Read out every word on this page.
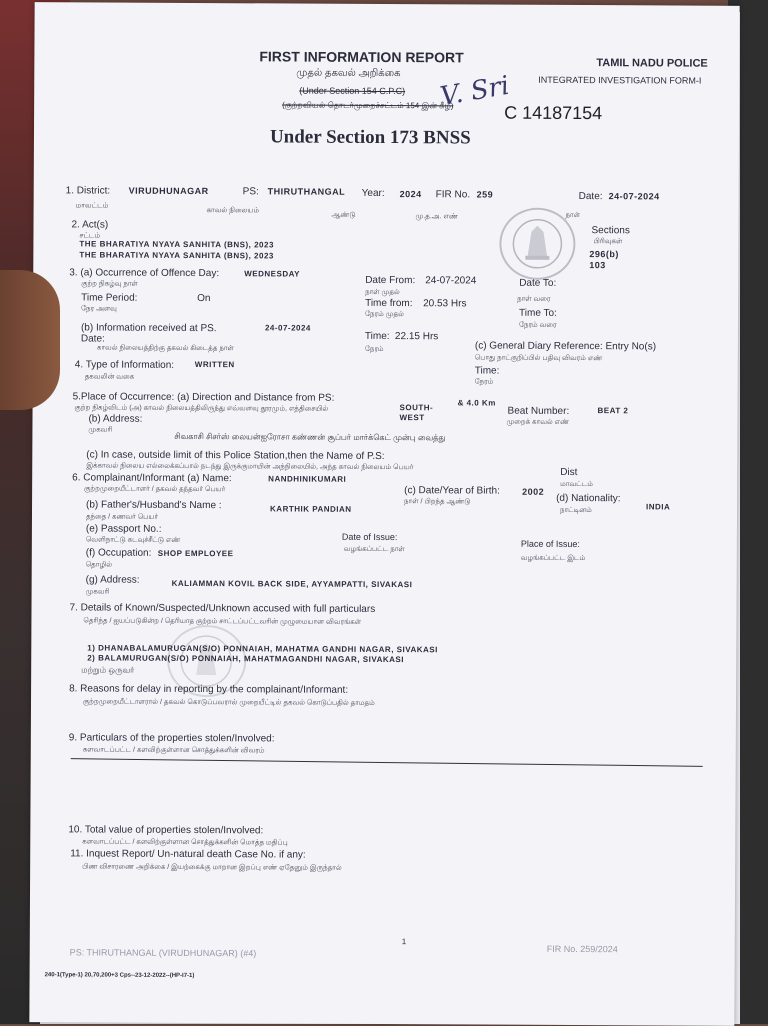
FIRST INFORMATION REPORT
முதல் தகவல் அறிக்கை
(Under Section 154 C.P.C)
(குற்றவியல் தொடர்முறைச்சட்டம் 154 இன் கீழ்)
V. Sri
C 14187154
Under Section 173 BNSS
TAMIL NADU POLICE
INTEGRATED INVESTIGATION FORM-I
1. District: VIRUDHUNAGAR	PS: THIRUTHANGAL Year: 2024 FIR No. 259	Date: 24-07-2024
மாவட்டம்
காவல் நிலையம்
ஆண்டு	மு.த.அ. எண்	நாள்
2. Act(s)
சட்டம்
THE BHARATIYA NYAYA SANHITA (BNS), 2023
THE BHARATIYA NYAYA SANHITA (BNS), 2023
Sections
பிரிவுகள்
296(b)
103
3. (a) Occurrence of Offence Day:	WEDNESDAY
குற்ற நிகழ்வு நாள்	Date From: 24-07-2024
நாள் முதல்
Date To:
நாள் வரை
Time Period:	On
நேர அளவு	Time from: 20.53 Hrs
நேரம் முதல்	Time To:
நேரம் வரை
(b) Information received at PS.	24-07-2024
Date:
காவல் நிலையத்திற்கு தகவல் கிடைத்த நாள்
Time: 22.15 Hrs
நேரம்	(c) General Diary Reference: Entry No(s)
பொது நாட்குறிப்பில் பதிவு விவரம் எண்
Time:
நேரம்
4. Type of Information:	WRITTEN
தகவலின் வகை
5.Place of Occurrence: (a) Direction and Distance from PS:
குற்ற நிகழ்விடம் (அ) காவல் நிலையத்திலிருந்து எவ்வளவு தூரமும், எத்திசையில்	SOUTH-WEST
& 4.0 Km
Beat Number:	BEAT 2
முறைக் காவல் எண்
(b) Address:
முகவரி
சிவகாசி சிசர்ஸ் லையன்ஐரோசா கண்ணன் சூப்பர் மார்க்கெட் முன்பு வைத்து
(c) In case, outside limit of this Police Station,then the Name of P.S:
இக்காவல் நிலைய எல்லைக்கப்பால் நடந்து இருக்குமாயின் அந்நிலையில், அந்த காவல் நிலையம் பெயர்
Dist
மாவட்டம்
6. Complainant/Informant (a) Name:	NANDHINIKUMARI
குற்றமுறையீட்டாளர் / தகவல் தந்தவர் பெயர்	(c) Date/Year of Birth: 2002
நாள் / பிறந்த ஆண்டு	(d) Nationality:
INDIA
நாட்டினம்
(b) Father's/Husband's Name :	KARTHIK PANDIAN
தந்தை / கணவர் பெயர்
(e) Passport No.:
வெளிநாட்டு கடவுச்சீட்டு எண்	Date of Issue:
வழங்கப்பட்ட நாள்
Place of Issue:
வழங்கப்பட்ட இடம்
(f) Occupation: SHOP EMPLOYEE
தொழில்
(g) Address:	KALIAMMAN KOVIL BACK SIDE, AYYAMPATTI, SIVAKASI
முகவரி
7. Details of Known/Suspected/Unknown accused with full particulars
தெரிந்த / ஐயப்படுகின்ற / தெரியாத குற்றம் சாட்டப்பட்டவரின் முழுமையான விவரங்கள்
1) DHANABALAMURUGAN(S/O) PONNAIAH, MAHATMA GANDHI NAGAR, SIVAKASI
2) BALAMURUGAN(S/O) PONNAIAH, MAHATMAGANDHI NAGAR, SIVAKASI
மற்றும் ஒருவர்
8. Reasons for delay in reporting by the complainant/Informant:
குற்றமுறையீட்டாளரால் / தகவல் கொடுப்பவரால் முறையீட்டில் தகவல் கொடுப்பதில் தாமதம்
9. Particulars of the properties stolen/Involved:
களவாடப்பட்ட / களவிற்குள்ளான சொத்துக்களின் விவரம்
10. Total value of properties stolen/Involved:
களவாடப்பட்ட / களவிற்குள்ளான சொத்துக்களின் மொத்த மதிப்பு
11. Inquest Report/ Un-natural death Case No. if any:
பிண விசாரணை அறிக்கை / இயற்கைக்கு மாறான இறப்பு எண் ஏதேனும் இருந்தால்
PS: THIRUTHANGAL (VIRUDHUNAGAR) (#4)
1
FIR No. 259/2024
240-1(Type-1) 20,70,200+3 Cps--23-12-2022--(HP-I7-1)
